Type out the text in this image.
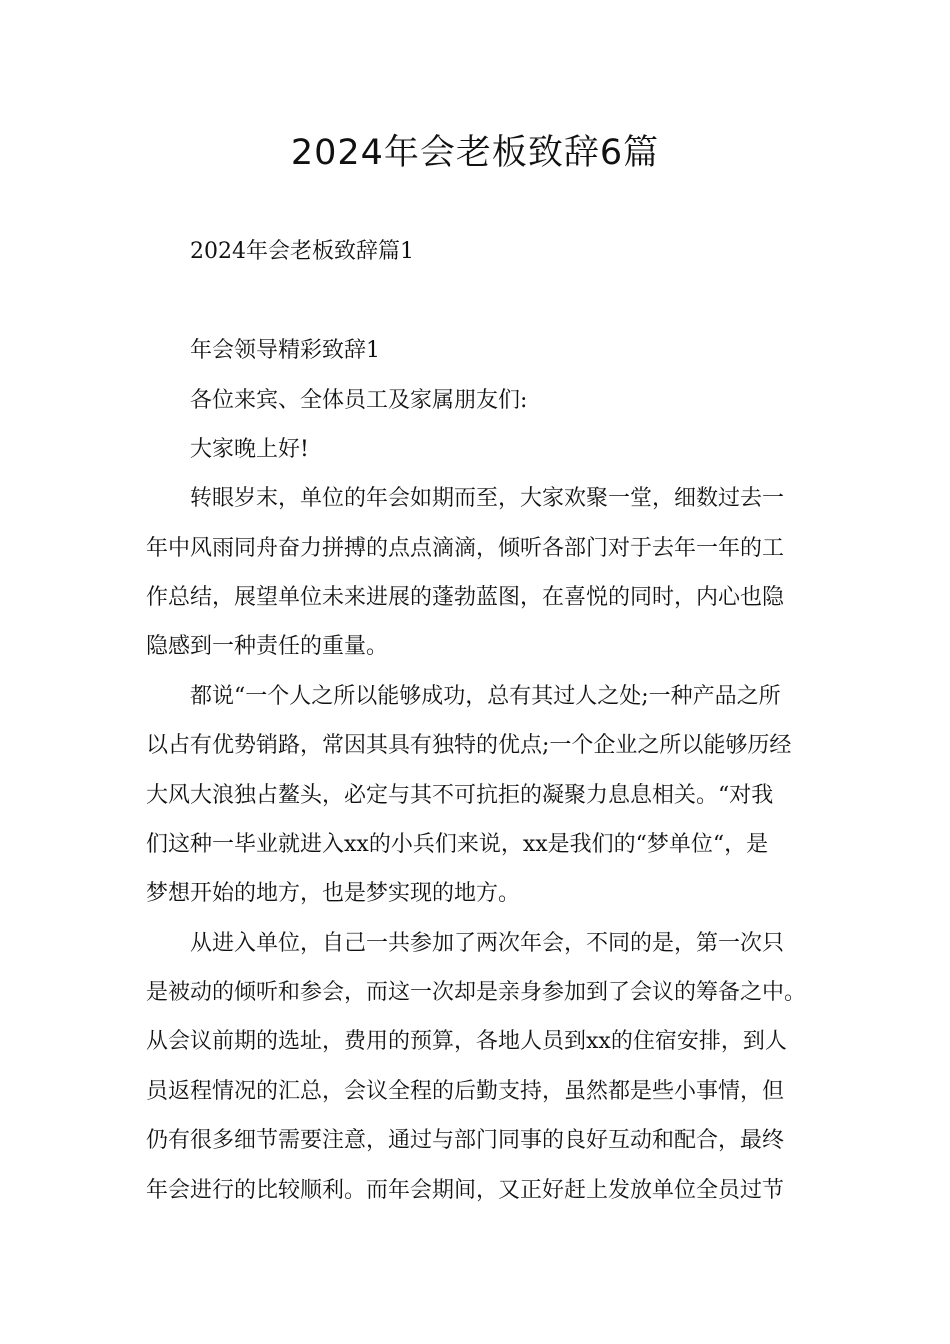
2024年会老板致辞6篇

2024年会老板致辞篇1

年会领导精彩致辞1

各位来宾、全体员工及家属朋友们:

大家晚上好!

转眼岁末，单位的年会如期而至，大家欢聚一堂，细数过去一

年中风雨同舟奋力拼搏的点点滴滴，倾听各部门对于去年一年的工

作总结，展望单位未来进展的蓬勃蓝图，在喜悦的同时，内心也隐

隐感到一种责任的重量。

都说“一个人之所以能够成功，总有其过人之处;一种产品之所

以占有优势销路，常因其具有独特的优点;一个企业之所以能够历经

大风大浪独占鳌头，必定与其不可抗拒的凝聚力息息相关。“对我

们这种一毕业就进入xx的小兵们来说，xx是我们的“梦单位“，是

梦想开始的地方，也是梦实现的地方。

从进入单位，自己一共参加了两次年会，不同的是，第一次只

是被动的倾听和参会，而这一次却是亲身参加到了会议的筹备之中。

从会议前期的选址，费用的预算，各地人员到xx的住宿安排，到人

员返程情况的汇总，会议全程的后勤支持，虽然都是些小事情，但

仍有很多细节需要注意，通过与部门同事的良好互动和配合，最终

年会进行的比较顺利。而年会期间，又正好赶上发放单位全员过节
